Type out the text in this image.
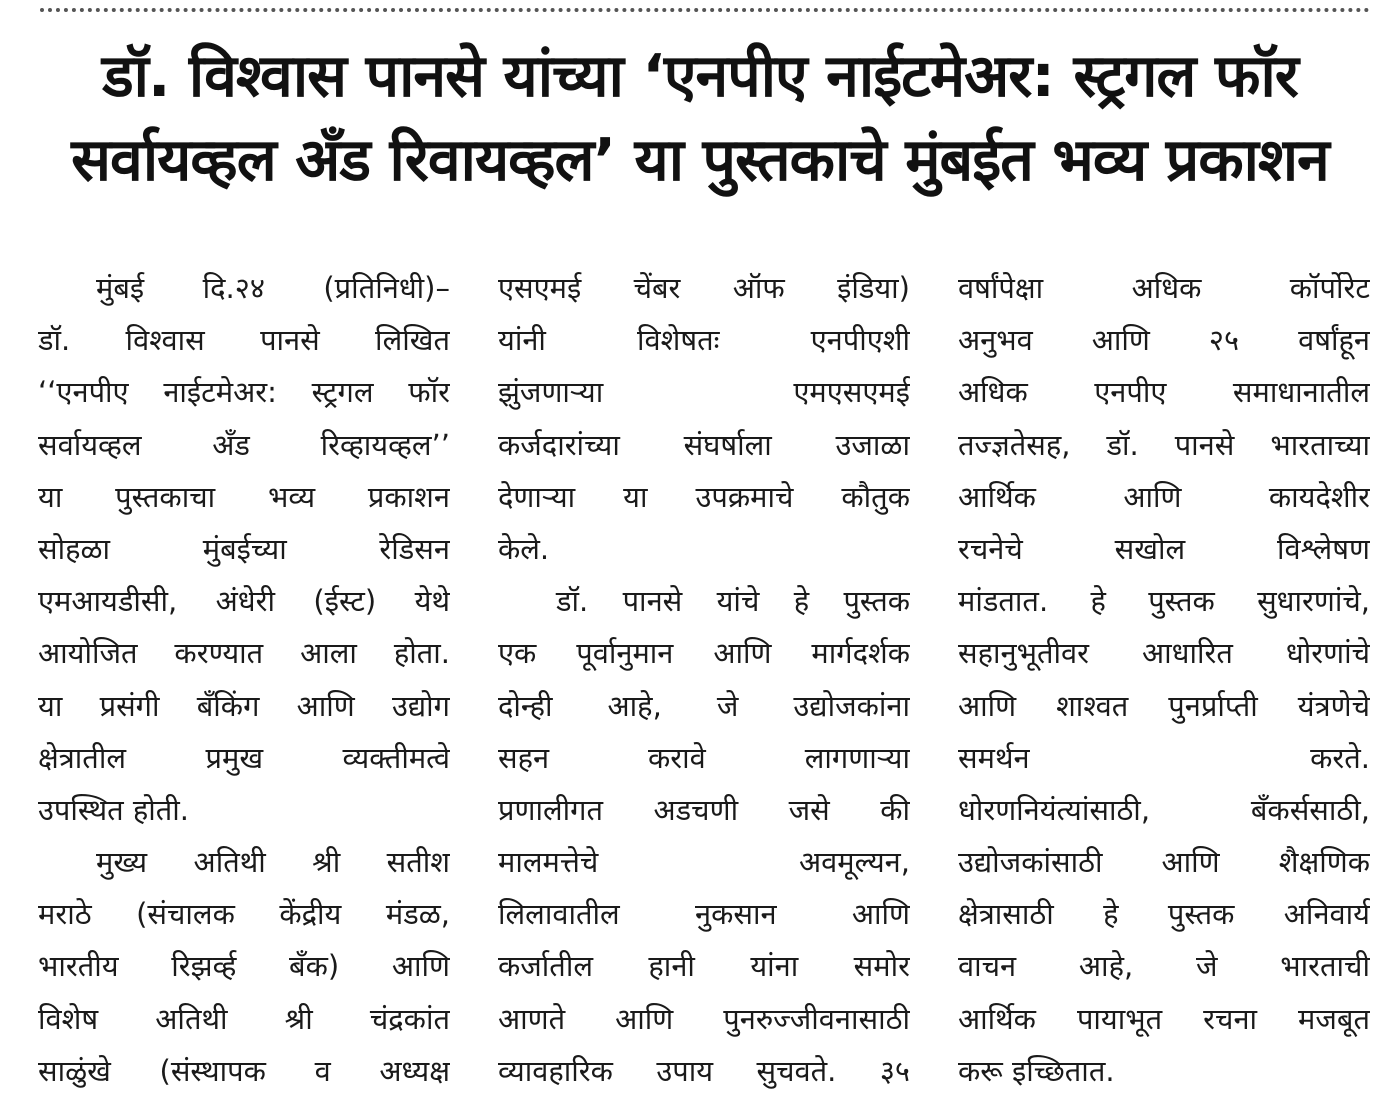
डॉ. विश्वास पानसे यांच्या ‘एनपीए नाईटमेअर: स्ट्रगल फॉर
सर्वायव्हल अँड रिवायव्हल’ या पुस्तकाचे मुंबईत भव्य प्रकाशन
मुंबई दि.२४ (प्रतिनिधी)–
डॉ. विश्वास पानसे लिखित
‘‘एनपीए नाईटमेअर: स्ट्रगल फॉर
सर्वायव्हल अँड रिव्हायव्हल’’
या पुस्तकाचा भव्य प्रकाशन
सोहळा मुंबईच्या रेडिसन
एमआयडीसी, अंधेरी (ईस्ट) येथे
आयोजित करण्यात आला होता.
या प्रसंगी बँकिंग आणि उद्योग
क्षेत्रातील प्रमुख व्यक्तीमत्वे
उपस्थित होती.
मुख्य अतिथी श्री सतीश
मराठे (संचालक केंद्रीय मंडळ,
भारतीय रिझर्व्ह बँक) आणि
विशेष अतिथी श्री चंद्रकांत
साळुंखे (संस्थापक व अध्यक्ष
एसएमई चेंबर ऑफ इंडिया)
यांनी विशेषतः एनपीएशी
झुंजणाऱ्या एमएसएमई
कर्जदारांच्या संघर्षाला उजाळा
देणाऱ्या या उपक्रमाचे कौतुक
केले.
डॉ. पानसे यांचे हे पुस्तक
एक पूर्वानुमान आणि मार्गदर्शक
दोन्ही आहे, जे उद्योजकांना
सहन करावे लागणाऱ्या
प्रणालीगत अडचणी जसे की
मालमत्तेचे अवमूल्यन,
लिलावातील नुकसान आणि
कर्जातील हानी यांना समोर
आणते आणि पुनरुज्जीवनासाठी
व्यावहारिक उपाय सुचवते. ३५
वर्षांपेक्षा अधिक कॉर्पोरेट
अनुभव आणि २५ वर्षांहून
अधिक एनपीए समाधानातील
तज्ज्ञतेसह, डॉ. पानसे भारताच्या
आर्थिक आणि कायदेशीर
रचनेचे सखोल विश्लेषण
मांडतात. हे पुस्तक सुधारणांचे,
सहानुभूतीवर आधारित धोरणांचे
आणि शाश्वत पुनर्प्राप्ती यंत्रणेचे
समर्थन करते.
धोरणनियंत्यांसाठी, बँकर्ससाठी,
उद्योजकांसाठी आणि शैक्षणिक
क्षेत्रासाठी हे पुस्तक अनिवार्य
वाचन आहे, जे भारताची
आर्थिक पायाभूत रचना मजबूत
करू इच्छितात.
